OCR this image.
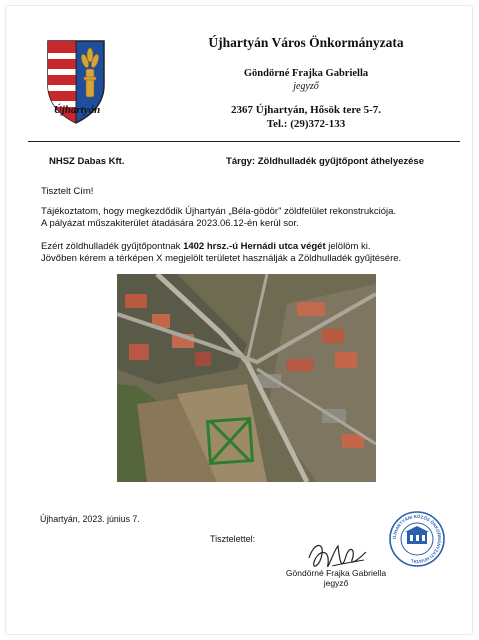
Újhartyán
Újhartyán Város Önkormányzata
Göndörné Frajka Gabriella
jegyző
2367 Újhartyán, Hősök tere 5-7.
Tel.: (29)372-133
NHSZ Dabas Kft.	Tárgy: Zöldhulladék gyűjtőpont áthelyezése
Tisztelt Cím!
Tájékoztatom, hogy megkezdődik Újhartyán „Béla-gödör" zöldfelület rekonstrukciója.
A pályázat műszakiterület átadására 2023.06.12-én kerül sor.
Ezért zöldhulladék gyűjtőpontnak 1402 hrsz.-ú Hernádi utca végét jelölöm ki.
Jövőben kérem a térképen X megjelölt területet használják a Zöldhulladék gyűjtésére.
Újhartyán, 2023. június 7.
Tisztelettel:
Göndörné Frajka Gabriella
jegyző
ÚJHARTYÁNI KÖZÖS ÖNKORMÁNYZATI HIVATAL
